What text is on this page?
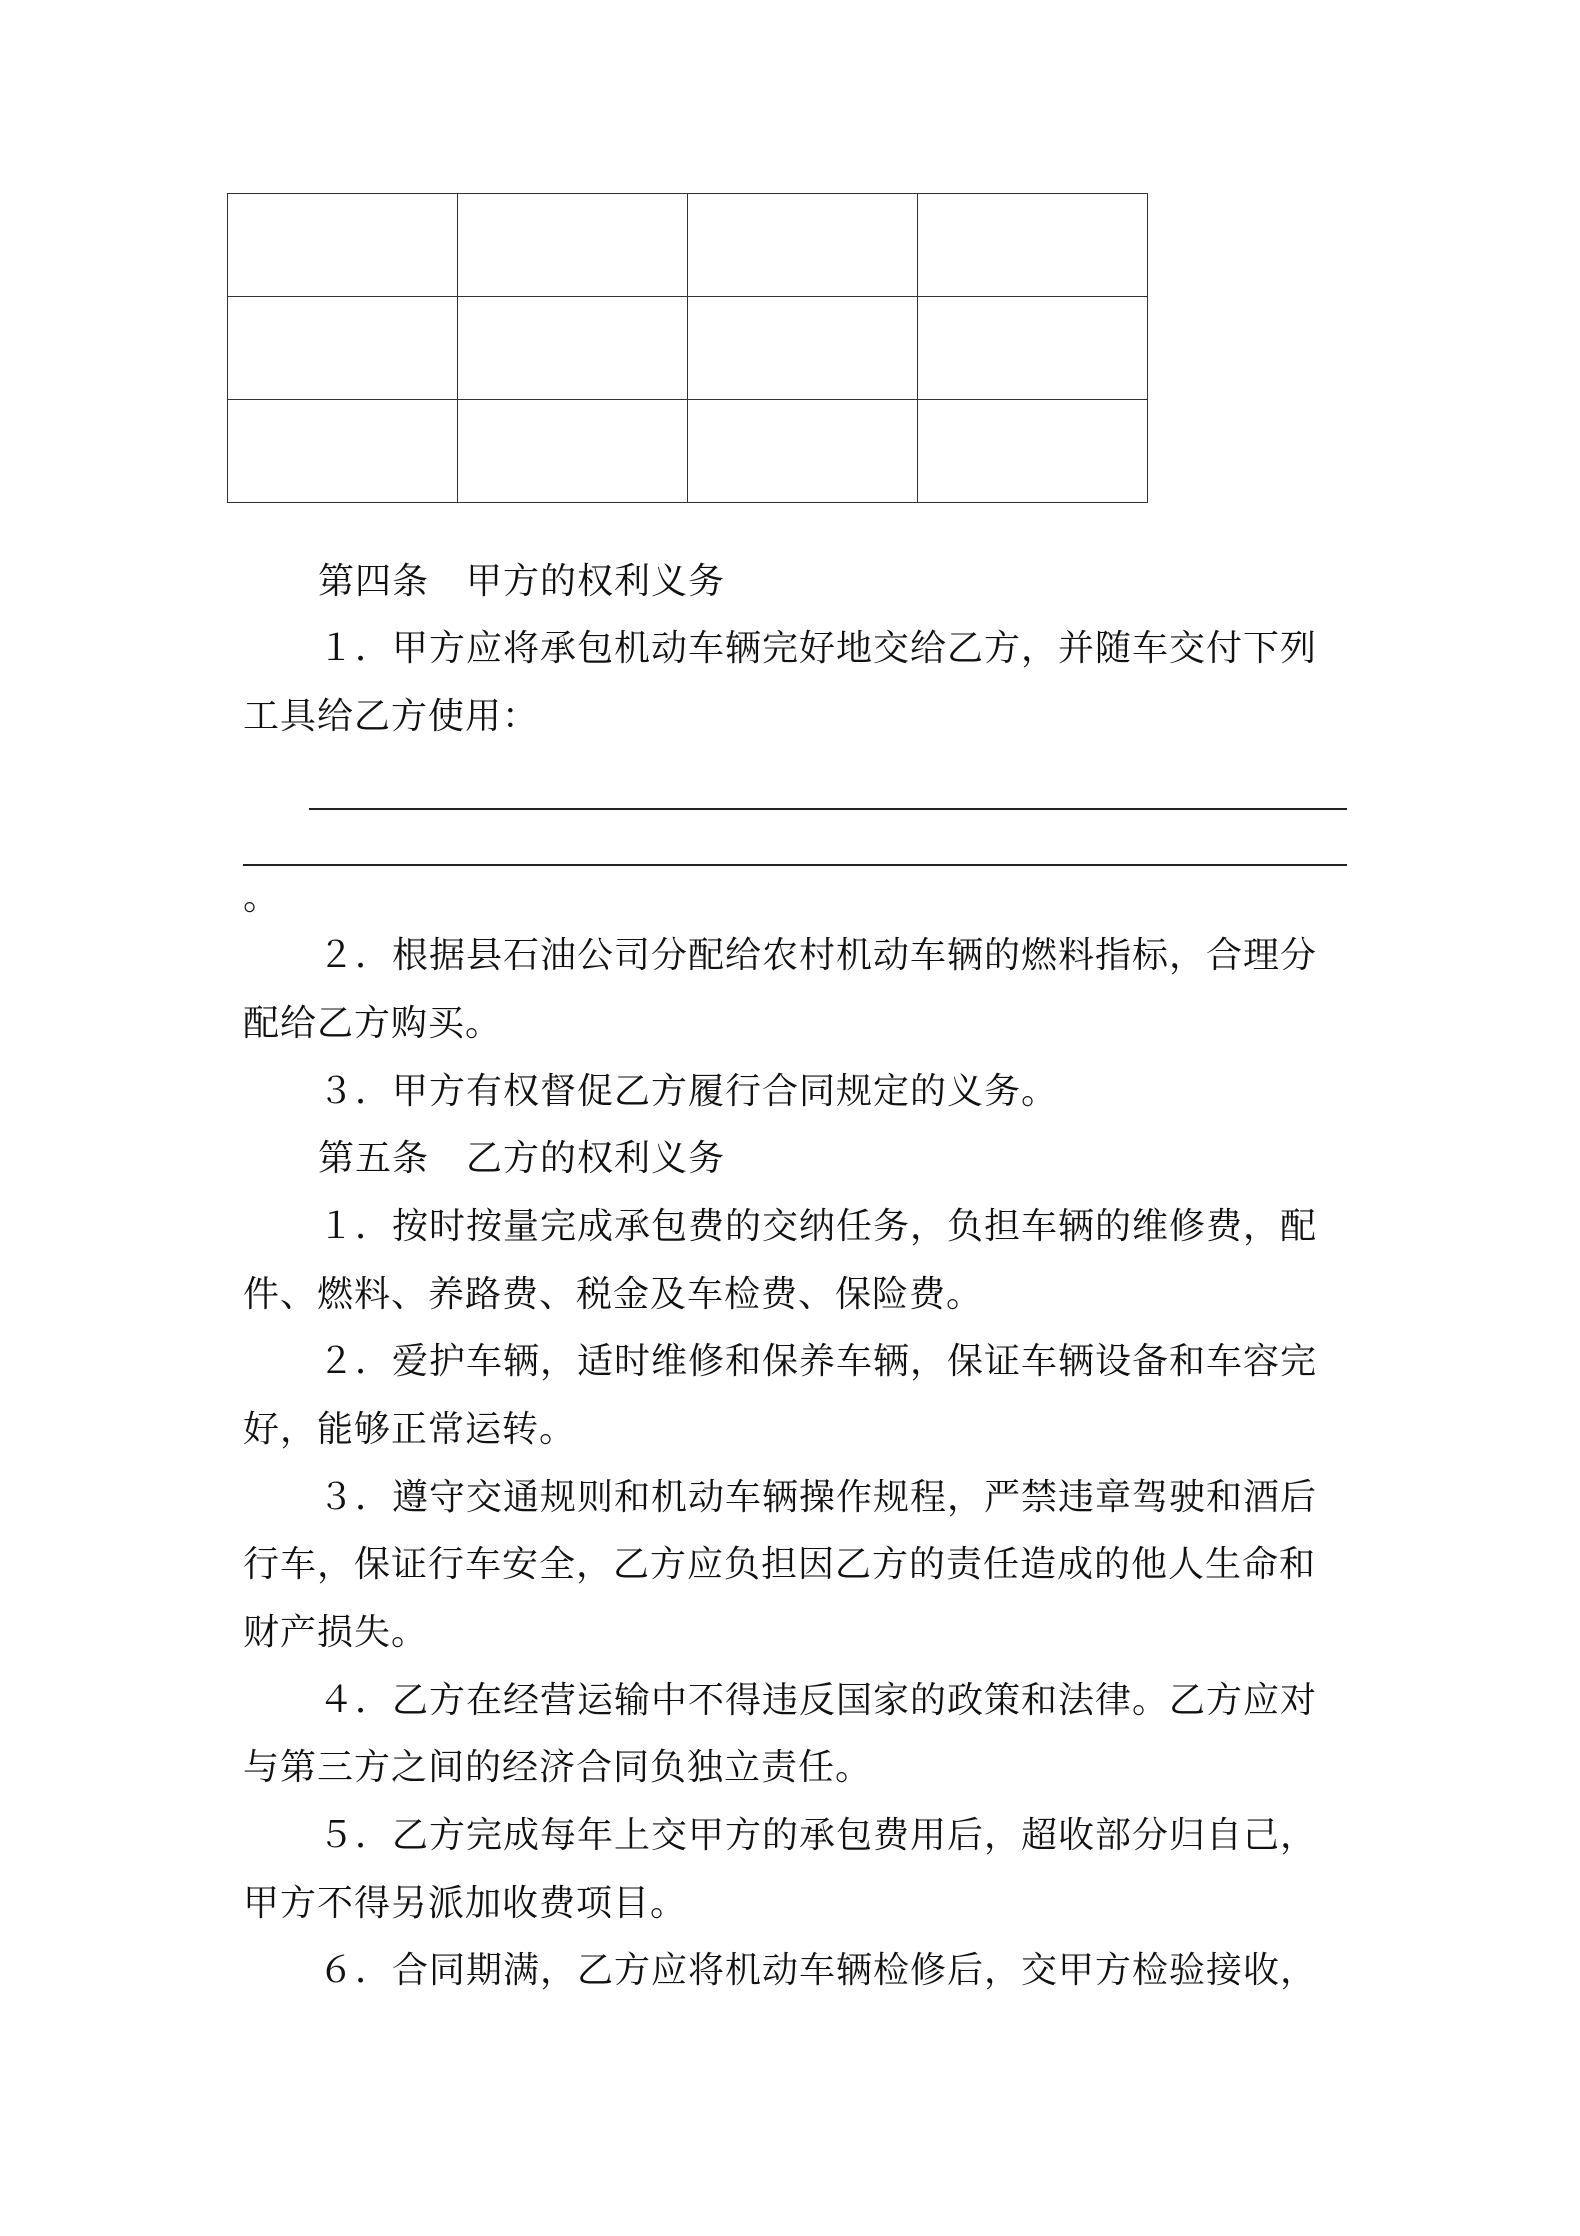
第四条　甲方的权利义务
１．甲方应将承包机动车辆完好地交给乙方，并随车交付下列
工具给乙方使用：
。
２．根据县石油公司分配给农村机动车辆的燃料指标，合理分
配给乙方购买。
３．甲方有权督促乙方履行合同规定的义务。
第五条　乙方的权利义务
１．按时按量完成承包费的交纳任务，负担车辆的维修费，配
件、燃料、养路费、税金及车检费、保险费。
２．爱护车辆，适时维修和保养车辆，保证车辆设备和车容完
好，能够正常运转。
３．遵守交通规则和机动车辆操作规程，严禁违章驾驶和酒后
行车，保证行车安全，乙方应负担因乙方的责任造成的他人生命和
财产损失。
４．乙方在经营运输中不得违反国家的政策和法律。乙方应对
与第三方之间的经济合同负独立责任。
５．乙方完成每年上交甲方的承包费用后，超收部分归自己，
甲方不得另派加收费项目。
６．合同期满，乙方应将机动车辆检修后，交甲方检验接收，
